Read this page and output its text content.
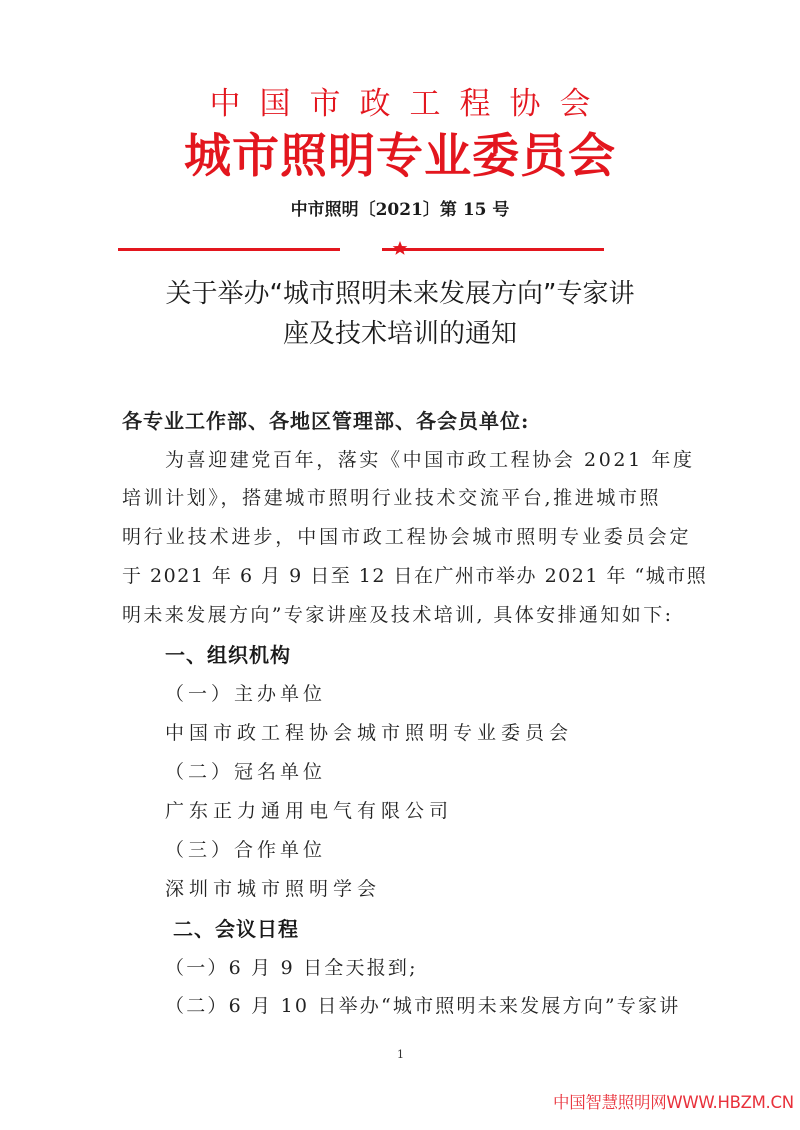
中国市政工程协会
城市照明专业委员会
中市照明〔2021〕第 15 号
关于举办“城市照明未来发展方向”专家讲
座及技术培训的通知
各专业工作部、各地区管理部、各会员单位:
为喜迎建党百年，落实《中国市政工程协会 2021 年度
培训计划》，搭建城市照明行业技术交流平台,推进城市照
明行业技术进步，中国市政工程协会城市照明专业委员会定
于 2021 年 6 月 9 日至 12 日在广州市举办 2021 年 “城市照
明未来发展方向”专家讲座及技术培训, 具体安排通知如下:
一、组织机构
（一）主办单位
中国市政工程协会城市照明专业委员会
（二）冠名单位
广东正力通用电气有限公司
（三）合作单位
深圳市城市照明学会
二、会议日程
（一）6 月 9 日全天报到;
（二）6 月 10 日举办“城市照明未来发展方向”专家讲
1
中国智慧照明网WWW.HBZM.CN
